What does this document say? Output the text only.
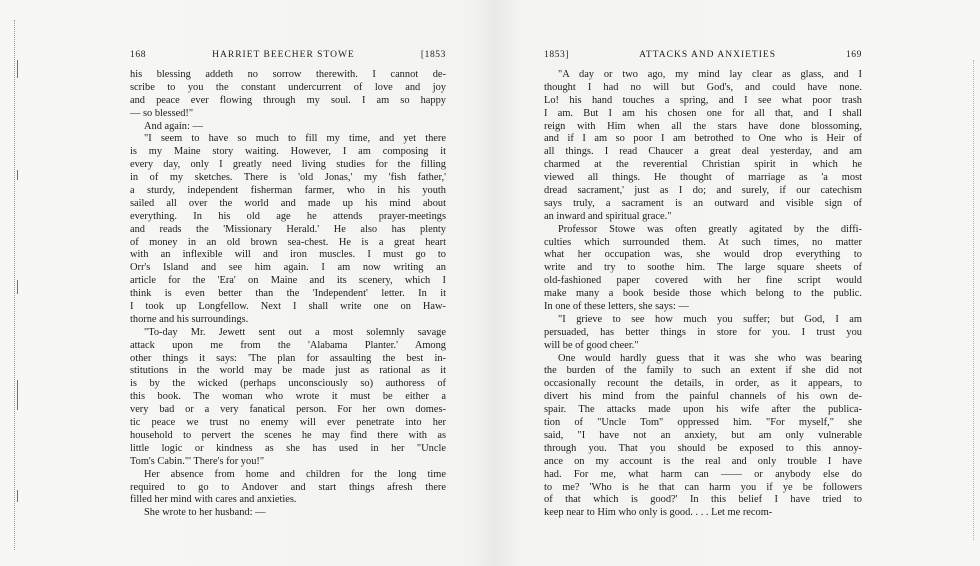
168	HARRIET BEECHER STOWE	[1853
his blessing addeth no sorrow therewith. I cannot de-
scribe to you the constant undercurrent of love and joy
and peace ever flowing through my soul. I am so happy
— so blessed!"
And again: —
"I seem to have so much to fill my time, and yet there
is my Maine story waiting. However, I am composing it
every day, only I greatly need living studies for the filling
in of my sketches. There is 'old Jonas,' my 'fish father,'
a sturdy, independent fisherman farmer, who in his youth
sailed all over the world and made up his mind about
everything. In his old age he attends prayer-meetings
and reads the 'Missionary Herald.' He also has plenty
of money in an old brown sea-chest. He is a great heart
with an inflexible will and iron muscles. I must go to
Orr's Island and see him again. I am now writing an
article for the 'Era' on Maine and its scenery, which I
think is even better than the 'Independent' letter. In it
I took up Longfellow. Next I shall write one on Haw-
thorne and his surroundings.
"To-day Mr. Jewett sent out a most solemnly savage
attack upon me from the 'Alabama Planter.' Among
other things it says: 'The plan for assaulting the best in-
stitutions in the world may be made just as rational as it
is by the wicked (perhaps unconsciously so) authoress of
this book. The woman who wrote it must be either a
very bad or a very fanatical person. For her own domes-
tic peace we trust no enemy will ever penetrate into her
household to pervert the scenes he may find there with as
little logic or kindness as she has used in her "Uncle
Tom's Cabin."' There's for you!"
Her absence from home and children for the long time
required to go to Andover and start things afresh there
filled her mind with cares and anxieties.
She wrote to her husband: —
1853]	ATTACKS AND ANXIETIES	169
"A day or two ago, my mind lay clear as glass, and I
thought I had no will but God's, and could have none.
Lo! his hand touches a spring, and I see what poor trash
I am. But I am his chosen one for all that, and I shall
reign with Him when all the stars have done blossoming,
and if I am so poor I am betrothed to One who is Heir of
all things. I read Chaucer a great deal yesterday, and am
charmed at the reverential Christian spirit in which he
viewed all things. He thought of marriage as 'a most
dread sacrament,' just as I do; and surely, if our catechism
says truly, a sacrament is an outward and visible sign of
an inward and spiritual grace."
Professor Stowe was often greatly agitated by the diffi-
culties which surrounded them. At such times, no matter
what her occupation was, she would drop everything to
write and try to soothe him. The large square sheets of
old-fashioned paper covered with her fine script would
make many a book beside those which belong to the public.
In one of these letters, she says: —
"I grieve to see how much you suffer; but God, I am
persuaded, has better things in store for you. I trust you
will be of good cheer."
One would hardly guess that it was she who was bearing
the burden of the family to such an extent if she did not
occasionally recount the details, in order, as it appears, to
divert his mind from the painful channels of his own de-
spair. The attacks made upon his wife after the publica-
tion of "Uncle Tom" oppressed him. "For myself," she
said, "I have not an anxiety, but am only vulnerable
through you. That you should be exposed to this annoy-
ance on my account is the real and only trouble I have
had. For me, what harm can —— or anybody else do
to me? 'Who is he that can harm you if ye be followers
of that which is good?' In this belief I have tried to
keep near to Him who only is good. . . . Let me recom-
